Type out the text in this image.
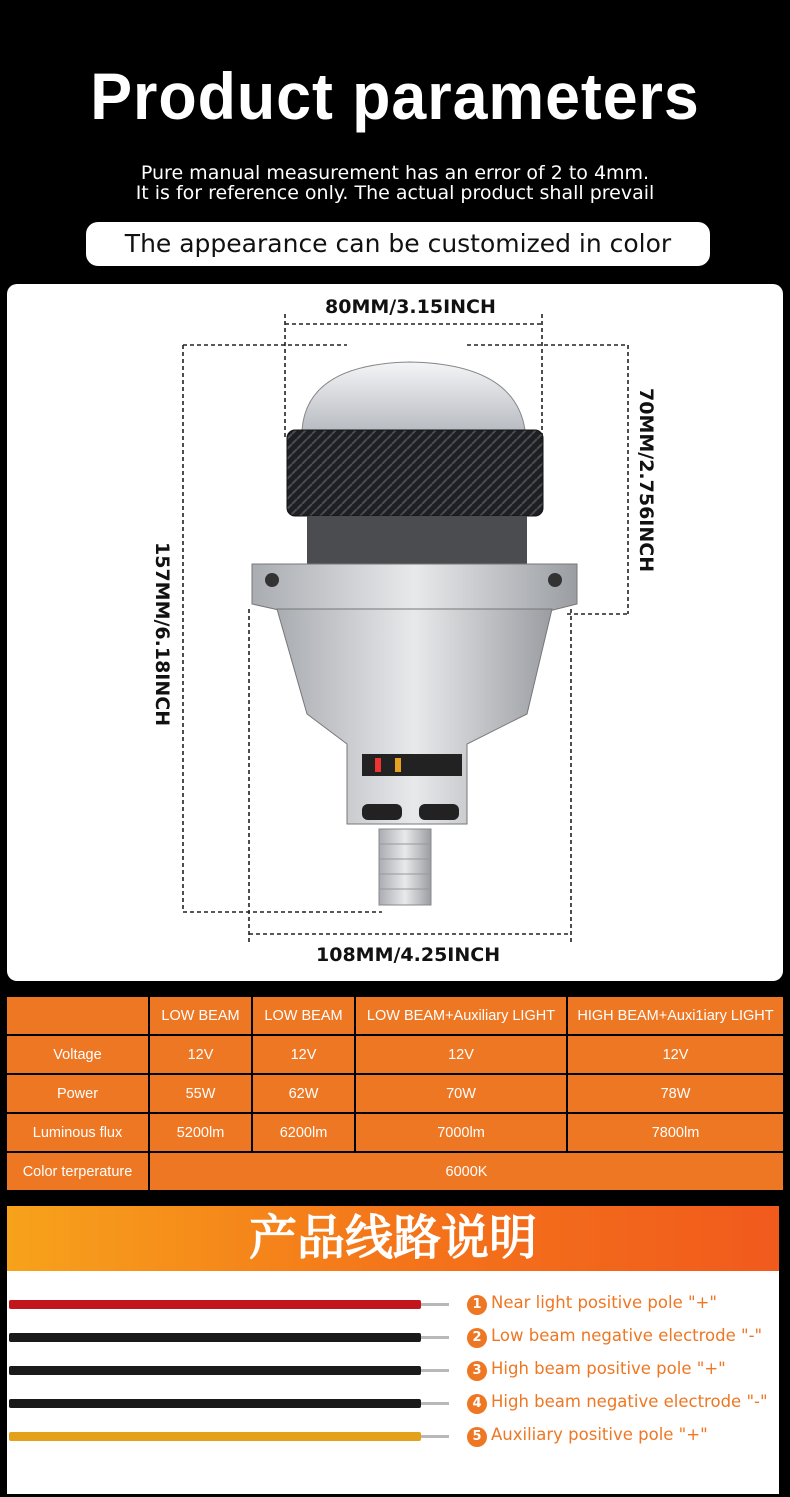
Product parameters
Pure manual measurement has an error of 2 to 4mm.
It is for reference only. The actual product shall prevail
The appearance can be customized in color
80MM/3.15INCH
70MM/2.756INCH
157MM/6.18INCH
108MM/4.25INCH
	LOW BEAM	LOW BEAM	LOW BEAM+Auxiliary LIGHT	HIGH BEAM+Auxi1iary LIGHT
Voltage	12V	12V	12V	12V
Power	55W	62W	70W	78W
Luminous flux	5200lm	6200lm	7000lm	7800lm
Color terperature	6000K			
产品线路说明
1 Near light positive pole "+"
2 Low beam negative electrode "-"
3 High beam positive pole "+"
4 High beam negative electrode "-"
5 Auxiliary positive pole "+"
